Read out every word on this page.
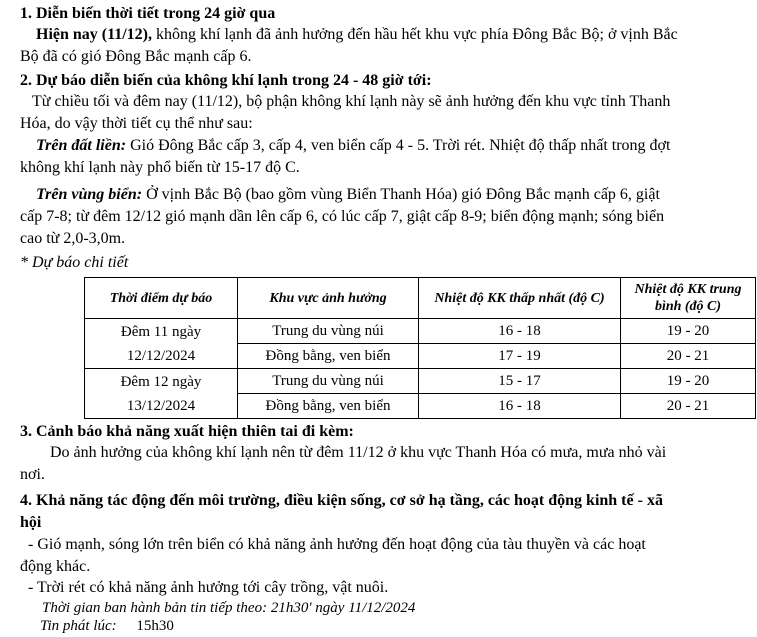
1. Diễn biến thời tiết trong 24 giờ qua
Hiện nay (11/12), không khí lạnh đã ảnh hưởng đến hầu hết khu vực phía Đông Bắc Bộ; ở vịnh Bắc
Bộ đã có gió Đông Bắc mạnh cấp 6.
2. Dự báo diễn biến của không khí lạnh trong 24 - 48 giờ tới:
Từ chiều tối và đêm nay (11/12), bộ phận không khí lạnh này sẽ ảnh hưởng đến khu vực tỉnh Thanh
Hóa, do vậy thời tiết cụ thể như sau:
Trên đất liền: Gió Đông Bắc cấp 3, cấp 4, ven biển cấp 4 - 5. Trời rét. Nhiệt độ thấp nhất trong đợt
không khí lạnh này phổ biến từ 15-17 độ C.
Trên vùng biển: Ở vịnh Bắc Bộ (bao gồm vùng Biển Thanh Hóa) gió Đông Bắc mạnh cấp 6, giật
cấp 7-8; từ đêm 12/12 gió mạnh dần lên cấp 6, có lúc cấp 7, giật cấp 8-9; biển động mạnh; sóng biển
cao từ 2,0-3,0m.
* Dự báo chi tiết
Thời điểm dự báo	Khu vực ảnh hưởng	Nhiệt độ KK thấp nhất (độ C)	Nhiệt độ KK trung bình (độ C)

Đêm 11 ngày
12/12/2024	Trung du vùng núi	16 - 18	19 - 20
	Đồng bằng, ven biển	17 - 19	20 - 21

Đêm 12 ngày
13/12/2024	Trung du vùng núi	15 - 17	19 - 20
	Đồng bằng, ven biển	16 - 18	20 - 21
3. Cảnh báo khả năng xuất hiện thiên tai đi kèm:
Do ảnh hưởng của không khí lạnh nên từ đêm 11/12 ở khu vực Thanh Hóa có mưa, mưa nhỏ vài
nơi.
4. Khả năng tác động đến môi trường, điều kiện sống, cơ sở hạ tầng, các hoạt động kinh tế - xã
hội
- Gió mạnh, sóng lớn trên biển có khả năng ảnh hưởng đến hoạt động của tàu thuyền và các hoạt
động khác.
- Trời rét có khả năng ảnh hưởng tới cây trồng, vật nuôi.
Thời gian ban hành bản tin tiếp theo: 21h30' ngày 11/12/2024
Tin phát lúc: 15h30
